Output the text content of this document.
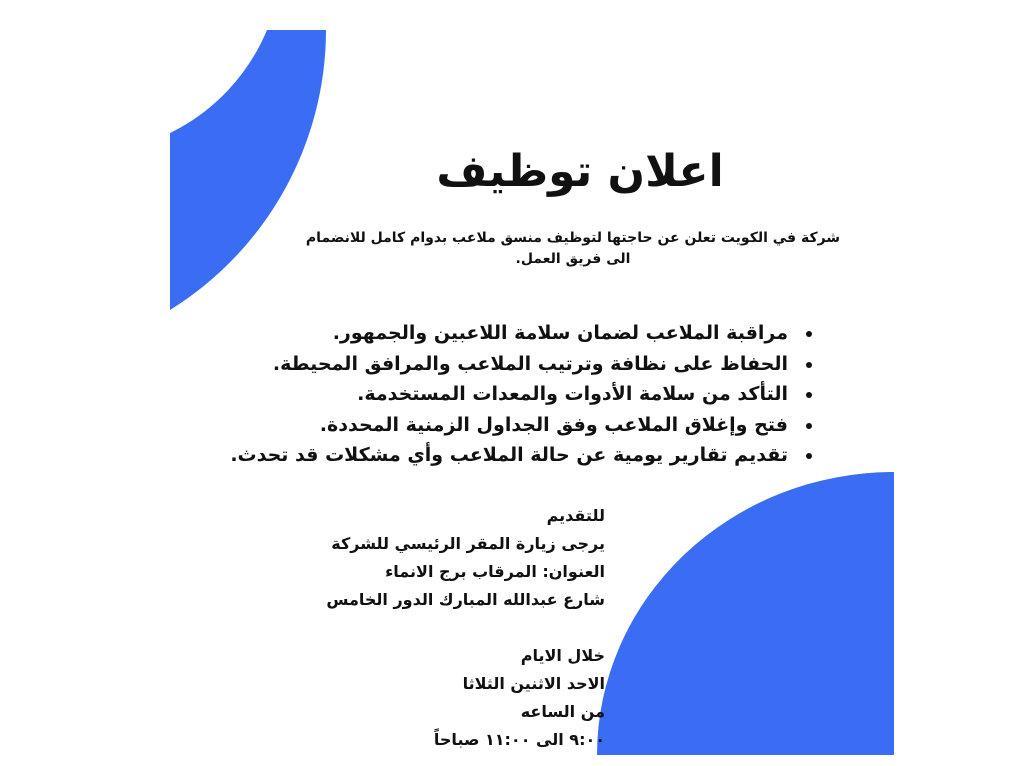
اعلان توظيف
شركة في الكويت تعلن عن حاجتها لتوظيف منسق ملاعب بدوام كامل للانضمام الى فريق العمل.
• مراقبة الملاعب لضمان سلامة اللاعبين والجمهور.
• الحفاظ على نظافة وترتيب الملاعب والمرافق المحيطة.
• التأكد من سلامة الأدوات والمعدات المستخدمة.
• فتح وإغلاق الملاعب وفق الجداول الزمنية المحددة.
• تقديم تقارير يومية عن حالة الملاعب وأي مشكلات قد تحدث.
للتقديم
يرجى زيارة المقر الرئيسي للشركة
العنوان: المرقاب برج الانماء
شارع عبدالله المبارك الدور الخامس
خلال الايام
الاحد الاثنين الثلاثا
من الساعه
٩:٠٠ الى ١١:٠٠ صباحاً
